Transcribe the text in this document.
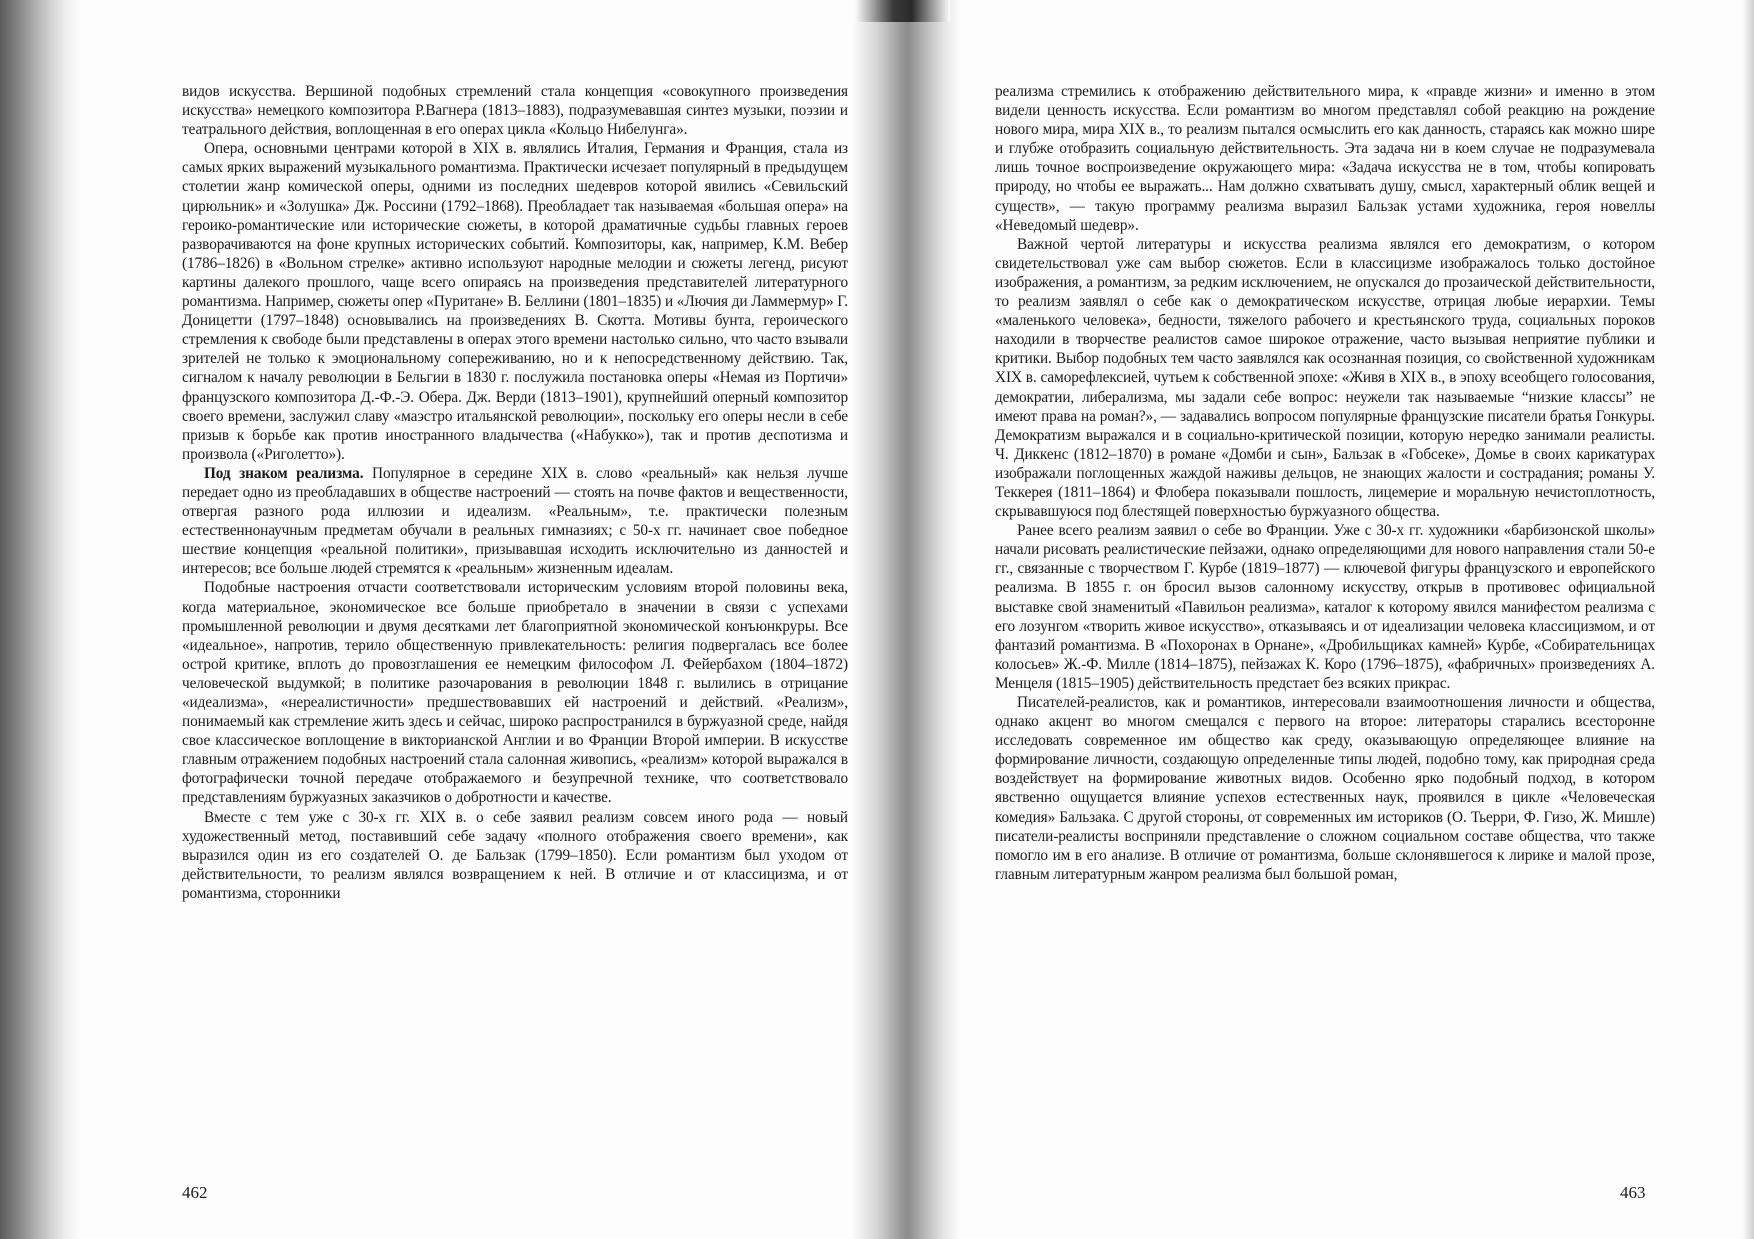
видов искусства. Вершиной подобных стремлений стала концепция «совокупного произведения искусства» немецкого композитора Р.Вагнера (1813–1883), подразумевавшая синтез музыки, поэзии и театрального действия, воплощенная в его операх цикла «Кольцо Нибелунга».

Опера, основными центрами которой в XIX в. являлись Италия, Германия и Франция, стала из самых ярких выражений музыкального романтизма. Практически исчезает популярный в предыдущем столетии жанр комической оперы, одними из последних шедевров которой явились «Севильский цирюльник» и «Золушка» Дж. Россини (1792–1868). Преобладает так называемая «большая опера» на героико-романтические или исторические сюжеты, в которой драматичные судьбы главных героев разворачиваются на фоне крупных исторических событий. Композиторы, как, например, К.М. Вебер (1786–1826) в «Вольном стрелке» активно используют народные мелодии и сюжеты легенд, рисуют картины далекого прошлого, чаще всего опираясь на произведения представителей литературного романтизма. Например, сюжеты опер «Пуритане» В. Беллини (1801–1835) и «Лючия ди Ламмермур» Г. Доницетти (1797–1848) основывались на произведениях В. Скотта. Мотивы бунта, героического стремления к свободе были представлены в операх этого времени настолько сильно, что часто взывали зрителей не только к эмоциональному сопереживанию, но и к непосредственному действию. Так, сигналом к началу революции в Бельгии в 1830 г. послужила постановка оперы «Немая из Портичи» французского композитора Д.-Ф.-Э. Обера. Дж. Верди (1813–1901), крупнейший оперный композитор своего времени, заслужил славу «маэстро итальянской революции», поскольку его оперы несли в себе призыв к борьбе как против иностранного владычества («Набукко»), так и против деспотизма и произвола («Риголетто»).

Под знаком реализма. Популярное в середине XIX в. слово «реальный» как нельзя лучше передает одно из преобладавших в обществе настроений — стоять на почве фактов и вещественности, отвергая разного рода иллюзии и идеализм. «Реальным», т.е. практически полезным естественнонаучным предметам обучали в реальных гимназиях; с 50-х гг. начинает свое победное шествие концепция «реальной политики», призывавшая исходить исключительно из данностей и интересов; все больше людей стремятся к «реальным» жизненным идеалам.

Подобные настроения отчасти соответствовали историческим условиям второй половины века, когда материальное, экономическое все больше приобретало в значении в связи с успехами промышленной революции и двумя десятками лет благоприятной экономической конъюнкруры. Все «идеальное», напротив, терило общественную привлекательность: религия подвергалась все более острой критике, вплоть до провозглашения ее немецким философом Л. Фейербахом (1804–1872) человеческой выдумкой; в политике разочарования в революции 1848 г. вылились в отрицание «идеализма», «нереалистичности» предшествовавших ей настроений и действий. «Реализм», понимаемый как стремление жить здесь и сейчас, широко распространился в буржуазной среде, найдя свое классическое воплощение в викторианской Англии и во Франции Второй империи. В искусстве главным отражением подобных настроений стала салонная живопись, «реализм» которой выражался в фотографически точной передаче отображаемого и безупречной технике, что соответствовало представлениям буржуазных заказчиков о добротности и качестве.

Вместе с тем уже с 30-х гг. XIX в. о себе заявил реализм совсем иного рода — новый художественный метод, поставивший себе задачу «полного отображения своего времени», как выразился один из его создателей О. де Бальзак (1799–1850). Если романтизм был уходом от действительности, то реализм являлся возвращением к ней. В отличие и от классицизма, и от романтизма, сторонники

462

реализма стремились к отображению действительного мира, к «правде жизни» и именно в этом видели ценность искусства. Если романтизм во многом представлял собой реакцию на рождение нового мира, мира XIX в., то реализм пытался осмыслить его как данность, стараясь как можно шире и глубже отобразить социальную действительность. Эта задача ни в коем случае не подразумевала лишь точное воспроизведение окружающего мира: «Задача искусства не в том, чтобы копировать природу, но чтобы ее выражать... Нам должно схватывать душу, смысл, характерный облик вещей и существ», — такую программу реализма выразил Бальзак устами художника, героя новеллы «Неведомый шедевр».

Важной чертой литературы и искусства реализма являлся его демократизм, о котором свидетельствовал уже сам выбор сюжетов. Если в классицизме изображалось только достойное изображения, а романтизм, за редким исключением, не опускался до прозаической действительности, то реализм заявлял о себе как о демократическом искусстве, отрицая любые иерархии. Темы «маленького человека», бедности, тяжелого рабочего и крестьянского труда, социальных пороков находили в творчестве реалистов самое широкое отражение, часто вызывая неприятие публики и критики. Выбор подобных тем часто заявлялся как осознанная позиция, со свойственной художникам XIX в. саморефлексией, чутьем к собственной эпохе: «Живя в XIX в., в эпоху всеобщего голосования, демократии, либерализма, мы задали себе вопрос: неужели так называемые “низкие классы” не имеют права на роман?», — задавались вопросом популярные французские писатели братья Гонкуры. Демократизм выражался и в социально-критической позиции, которую нередко занимали реалисты. Ч. Диккенс (1812–1870) в романе «Домби и сын», Бальзак в «Гобсеке», Домье в своих карикатурах изображали поглощенных жаждой наживы дельцов, не знающих жалости и сострадания; романы У. Теккерея (1811–1864) и Флобера показывали пошлость, лицемерие и моральную нечистоплотность, скрывавшуюся под блестящей поверхностью буржуазного общества.

Ранее всего реализм заявил о себе во Франции. Уже с 30-х гг. художники «барбизонской школы» начали рисовать реалистические пейзажи, однако определяющими для нового направления стали 50-е гг., связанные с творчеством Г. Курбе (1819–1877) — ключевой фигуры французского и европейского реализма. В 1855 г. он бросил вызов салонному искусству, открыв в противовес официальной выставке свой знаменитый «Павильон реализма», каталог к которому явился манифестом реализма с его лозунгом «творить живое искусство», отказываясь и от идеализации человека классицизмом, и от фантазий романтизма. В «Похоронах в Орнане», «Дробильщиках камней» Курбе, «Собирательницах колосьев» Ж.-Ф. Милле (1814–1875), пейзажах К. Коро (1796–1875), «фабричных» произведениях А. Менцеля (1815–1905) действительность предстает без всяких прикрас.

Писателей-реалистов, как и романтиков, интересовали взаимоотношения личности и общества, однако акцент во многом смещался с первого на второе: литераторы старались всесторонне исследовать современное им общество как среду, оказывающую определяющее влияние на формирование личности, создающую определенные типы людей, подобно тому, как природная среда воздействует на формирование животных видов. Особенно ярко подобный подход, в котором явственно ощущается влияние успехов естественных наук, проявился в цикле «Человеческая комедия» Бальзака. С другой стороны, от современных им историков (О. Тьерри, Ф. Гизо, Ж. Мишле) писатели-реалисты восприняли представление о сложном социальном составе общества, что также помогло им в его анализе. В отличие от романтизма, больше склонявшегося к лирике и малой прозе, главным литературным жанром реализма был большой роман,

463
